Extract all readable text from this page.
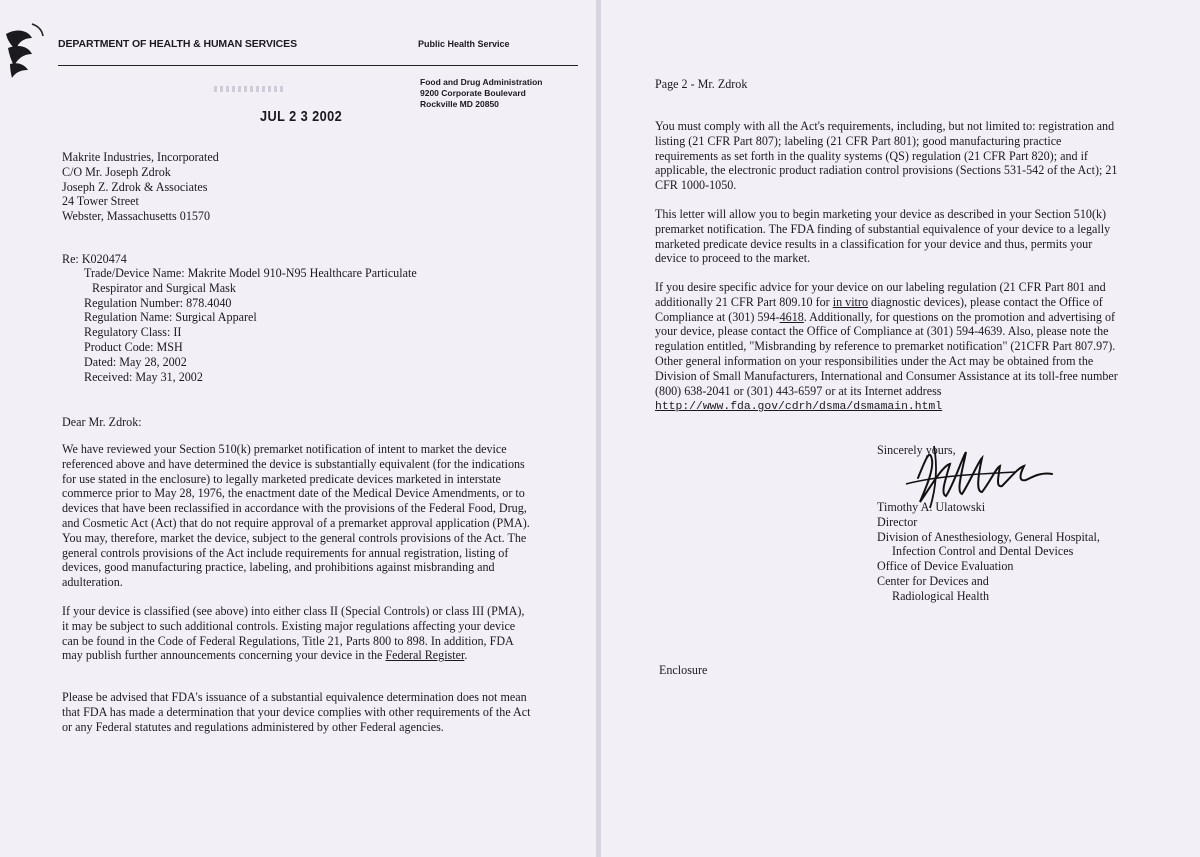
DEPARTMENT OF HEALTH & HUMAN SERVICES	Public Health Service
Food and Drug Administration
9200 Corporate Boulevard
Rockville MD 20850
JUL 2 3 2002
Makrite Industries, Incorporated
C/O Mr. Joseph Zdrok
Joseph Z. Zdrok & Associates
24 Tower Street
Webster, Massachusetts 01570
Re: K020474
Trade/Device Name: Makrite Model 910-N95 Healthcare Particulate
Respirator and Surgical Mask
Regulation Number: 878.4040
Regulation Name: Surgical Apparel
Regulatory Class: II
Product Code: MSH
Dated: May 28, 2002
Received: May 31, 2002
Dear Mr. Zdrok:
We have reviewed your Section 510(k) premarket notification of intent to market the device referenced above and have determined the device is substantially equivalent (for the indications for use stated in the enclosure) to legally marketed predicate devices marketed in interstate commerce prior to May 28, 1976, the enactment date of the Medical Device Amendments, or to devices that have been reclassified in accordance with the provisions of the Federal Food, Drug, and Cosmetic Act (Act) that do not require approval of a premarket approval application (PMA). You may, therefore, market the device, subject to the general controls provisions of the Act. The general controls provisions of the Act include requirements for annual registration, listing of devices, good manufacturing practice, labeling, and prohibitions against misbranding and adulteration.
If your device is classified (see above) into either class II (Special Controls) or class III (PMA), it may be subject to such additional controls. Existing major regulations affecting your device can be found in the Code of Federal Regulations, Title 21, Parts 800 to 898. In addition, FDA may publish further announcements concerning your device in the Federal Register.
Please be advised that FDA's issuance of a substantial equivalence determination does not mean that FDA has made a determination that your device complies with other requirements of the Act or any Federal statutes and regulations administered by other Federal agencies.
Page 2 - Mr. Zdrok
You must comply with all the Act's requirements, including, but not limited to: registration and listing (21 CFR Part 807); labeling (21 CFR Part 801); good manufacturing practice requirements as set forth in the quality systems (QS) regulation (21 CFR Part 820); and if applicable, the electronic product radiation control provisions (Sections 531-542 of the Act); 21 CFR 1000-1050.
This letter will allow you to begin marketing your device as described in your Section 510(k) premarket notification. The FDA finding of substantial equivalence of your device to a legally marketed predicate device results in a classification for your device and thus, permits your device to proceed to the market.
If you desire specific advice for your device on our labeling regulation (21 CFR Part 801 and additionally 21 CFR Part 809.10 for in vitro diagnostic devices), please contact the Office of Compliance at (301) 594-4618. Additionally, for questions on the promotion and advertising of your device, please contact the Office of Compliance at (301) 594-4639. Also, please note the regulation entitled, "Misbranding by reference to premarket notification" (21CFR Part 807.97). Other general information on your responsibilities under the Act may be obtained from the Division of Small Manufacturers, International and Consumer Assistance at its toll-free number (800) 638-2041 or (301) 443-6597 or at its Internet address http://www.fda.gov/cdrh/dsma/dsmamain.html
Sincerely yours,
Timothy A. Ulatowski
Director
Division of Anesthesiology, General Hospital,
Infection Control and Dental Devices
Office of Device Evaluation
Center for Devices and
Radiological Health
Enclosure
